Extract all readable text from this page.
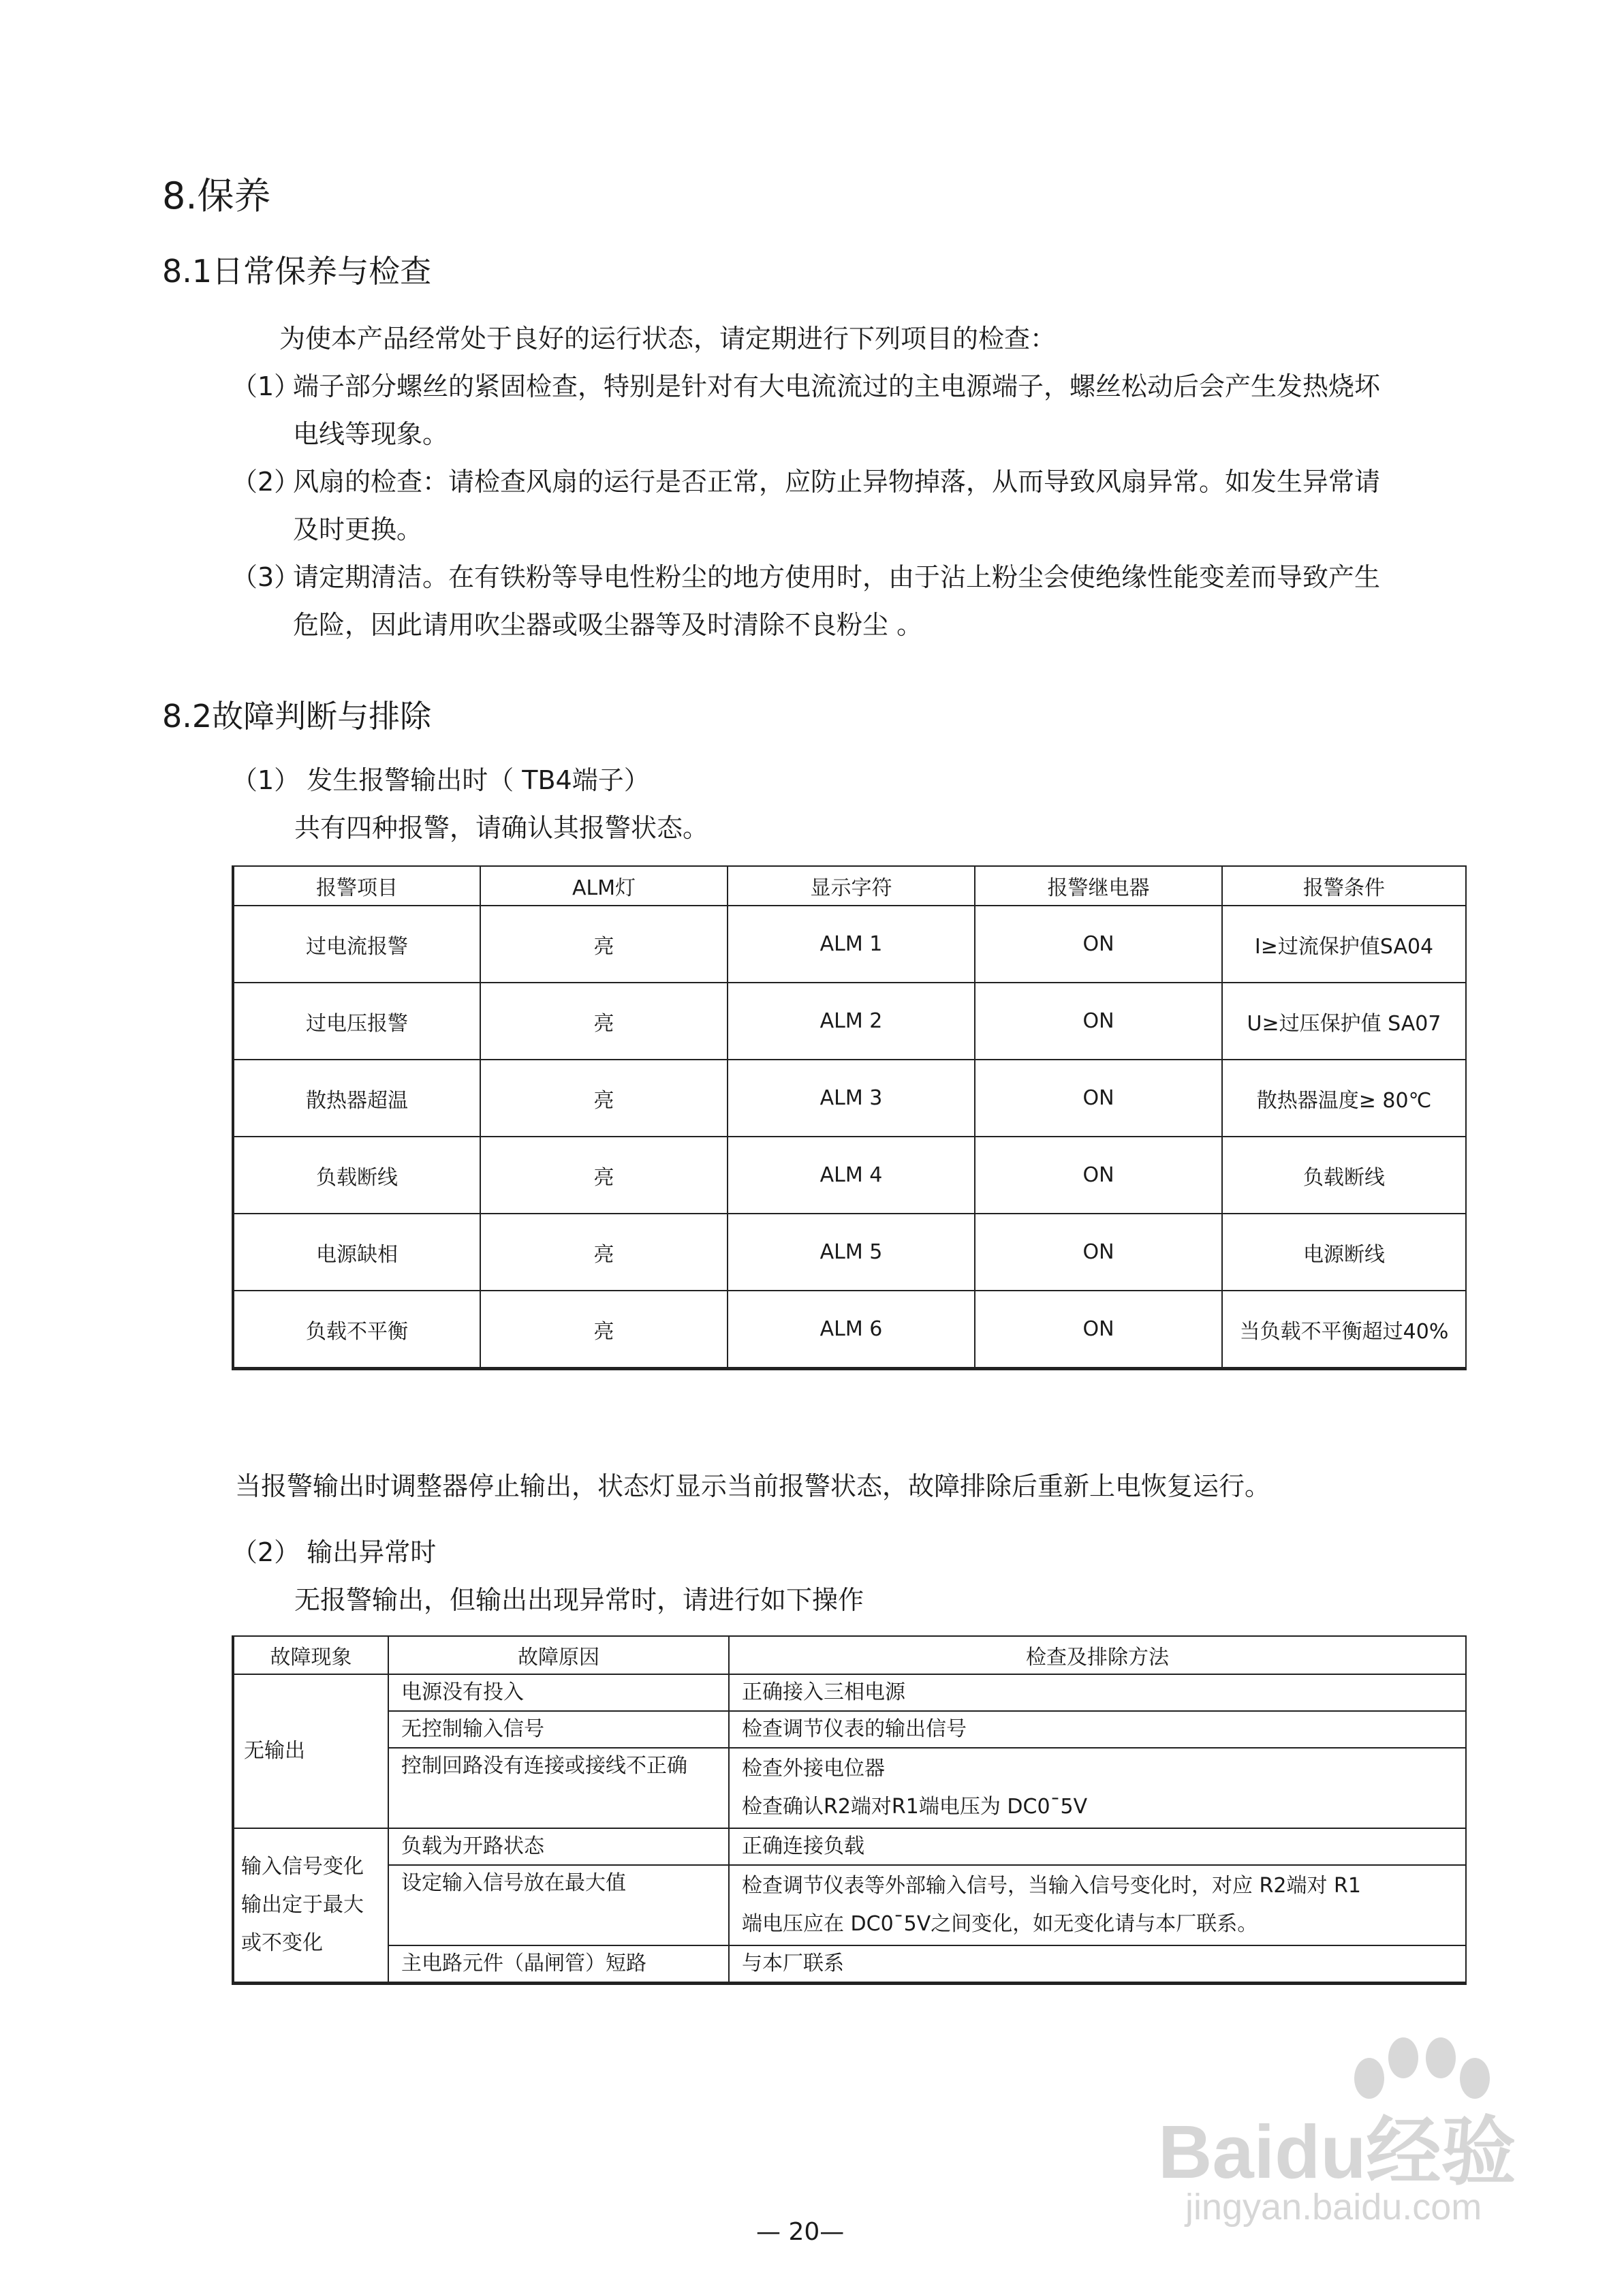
8.保养
8.1日常保养与检查

为使本产品经常处于良好的运行状态，请定期进行下列项目的检查：

（1）
端子部分螺丝的紧固检查，特别是针对有大电流流过的主电源端子，螺丝松动后会产生发热烧坏
电线等现象。
（2）
风扇的检查：请检查风扇的运行是否正常，应防止异物掉落，从而导致风扇异常。如发生异常请
及时更换。
（3）
请定期清洁。在有铁粉等导电性粉尘的地方使用时，由于沾上粉尘会使绝缘性能变差而导致产生
危险，因此请用吹尘器或吸尘器等及时清除不良粉尘 。
8.2故障判断与排除
（1） 发生报警输出时（ TB4端子）

共有四种报警，请确认其报警状态。

报警项目	ALM灯	显示字符	报警继电器	报警条件
过电流报警	亮	ALM 1	ON	I≥过流保护值SA04
过电压报警	亮	ALM 2	ON	U≥过压保护值 SA07
散热器超温	亮	ALM 3	ON	散热器温度≥ 80℃
负载断线	亮	ALM 4	ON	负载断线
电源缺相	亮	ALM 5	ON	电源断线
负载不平衡	亮	ALM 6	ON	当负载不平衡超过40%

当报警输出时调整器停止输出，状态灯显示当前报警状态，故障排除后重新上电恢复运行。

（2） 输出异常时

无报警输出，但输出出现异常时，请进行如下操作

故障现象	故障原因	检查及排除方法
无输出	电源没有投入	正确接入三相电源
	无控制输入信号	检查调节仪表的输出信号
	控制回路没有连接或接线不正确	检查外接电位器
检查确认R2端对R1端电压为 DC0¯5V

输入信号变化
输出定于最大
或不变化	负载为开路状态	正确连接负载
	设定输入信号放在最大值	检查调节仪表等外部输入信号，当输入信号变化时，对应 R2端对 R1
端电压应在 DC0¯5V之间变化，如无变化请与本厂联系。

	主电路元件（晶闸管）短路	与本厂联系
Baidu经验
jingyan.baidu.com
— 20—
